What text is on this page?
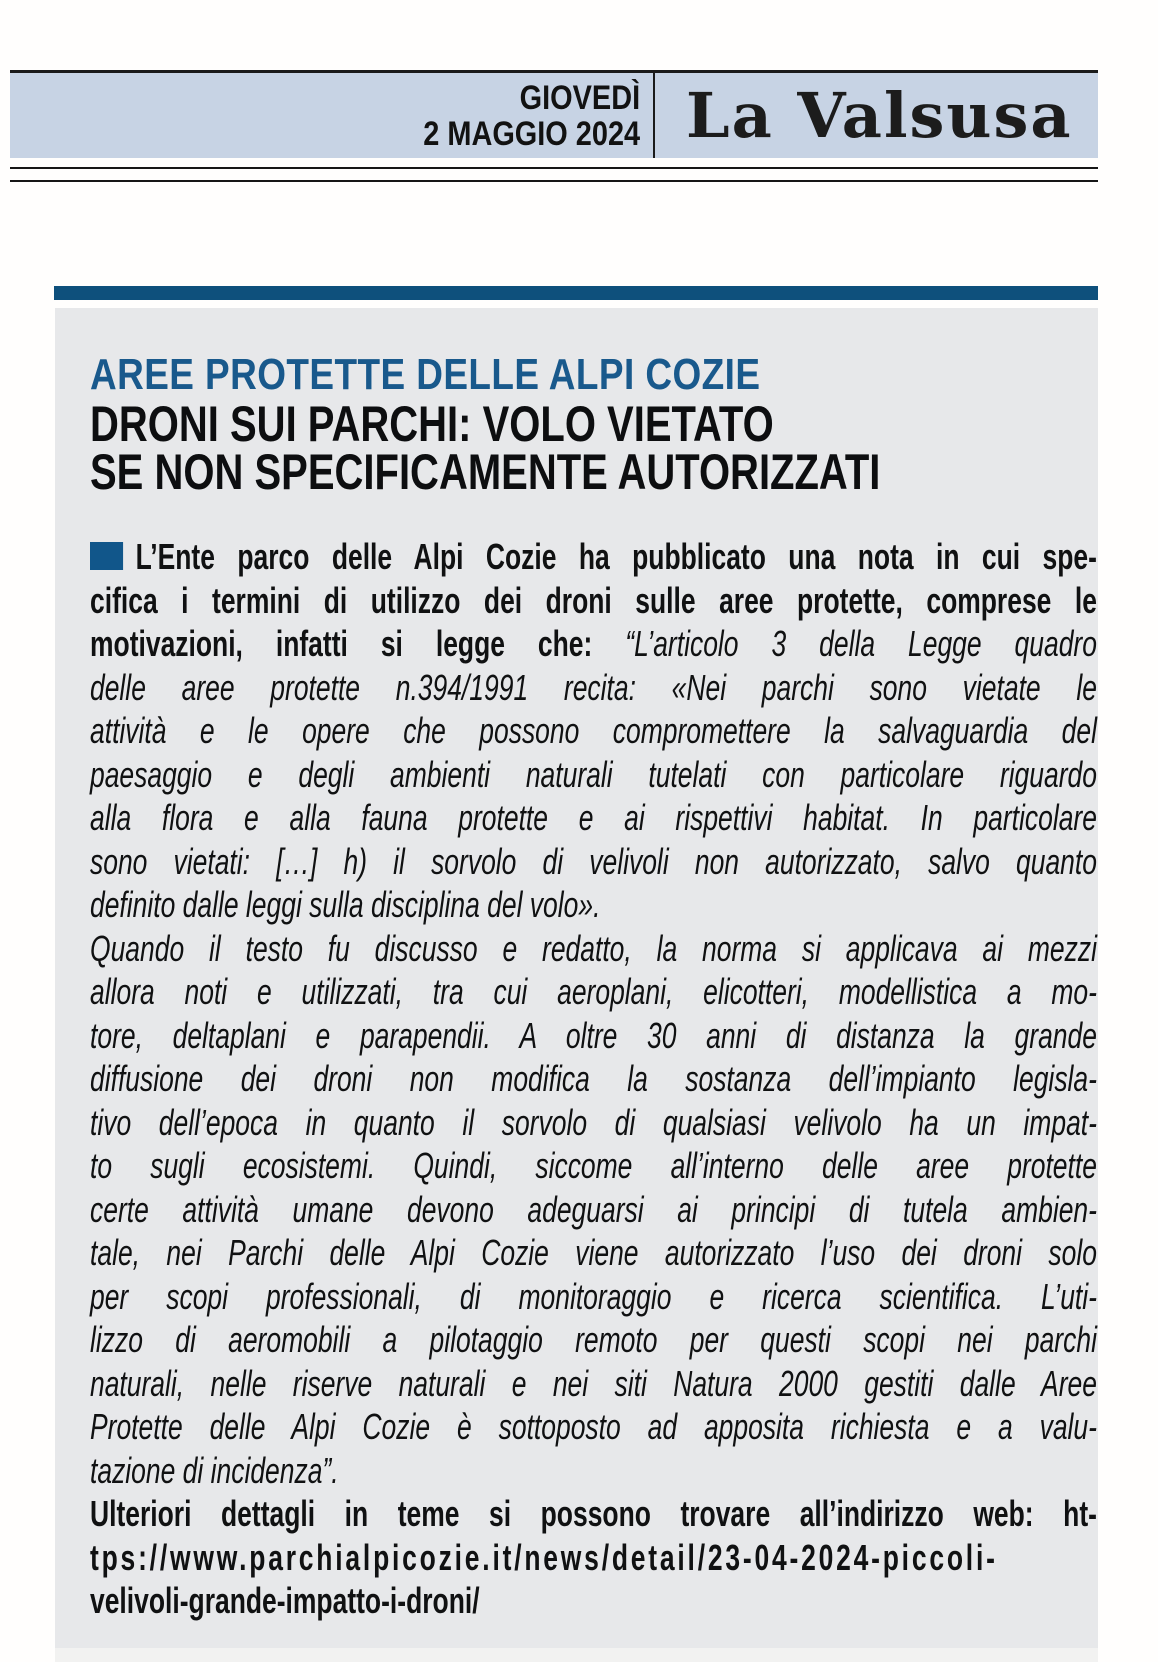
GIOVEDÌ
2 MAGGIO 2024 La Valsusa
AREE PROTETTE DELLE ALPI COZIE
DRONI SUI PARCHI: VOLO VIETATO
SE NON SPECIFICAMENTE AUTORIZZATI
L’Ente parco delle Alpi Cozie ha pubblicato una nota in cui spe-
cifica i termini di utilizzo dei droni sulle aree protette, comprese le
motivazioni, infatti si legge che: “L’articolo 3 della Legge quadro
delle aree protette n.394/1991 recita: «Nei parchi sono vietate le
attività e le opere che possono compromettere la salvaguardia del
paesaggio e degli ambienti naturali tutelati con particolare riguardo
alla flora e alla fauna protette e ai rispettivi habitat. In particolare
sono vietati: […] h) il sorvolo di velivoli non autorizzato, salvo quanto
definito dalle leggi sulla disciplina del volo».
Quando il testo fu discusso e redatto, la norma si applicava ai mezzi
allora noti e utilizzati, tra cui aeroplani, elicotteri, modellistica a mo-
tore, deltaplani e parapendii. A oltre 30 anni di distanza la grande
diffusione dei droni non modifica la sostanza dell’impianto legisla-
tivo dell’epoca in quanto il sorvolo di qualsiasi velivolo ha un impat-
to sugli ecosistemi. Quindi, siccome all’interno delle aree protette
certe attività umane devono adeguarsi ai principi di tutela ambien-
tale, nei Parchi delle Alpi Cozie viene autorizzato l’uso dei droni solo
per scopi professionali, di monitoraggio e ricerca scientifica. L’uti-
lizzo di aeromobili a pilotaggio remoto per questi scopi nei parchi
naturali, nelle riserve naturali e nei siti Natura 2000 gestiti dalle Aree
Protette delle Alpi Cozie è sottoposto ad apposita richiesta e a valu-
tazione di incidenza”.
Ulteriori dettagli in teme si possono trovare all’indirizzo web: ht-
tps://www.parchialpicozie.it/news/detail/23-04-2024-piccoli-
velivoli-grande-impatto-i-droni/
